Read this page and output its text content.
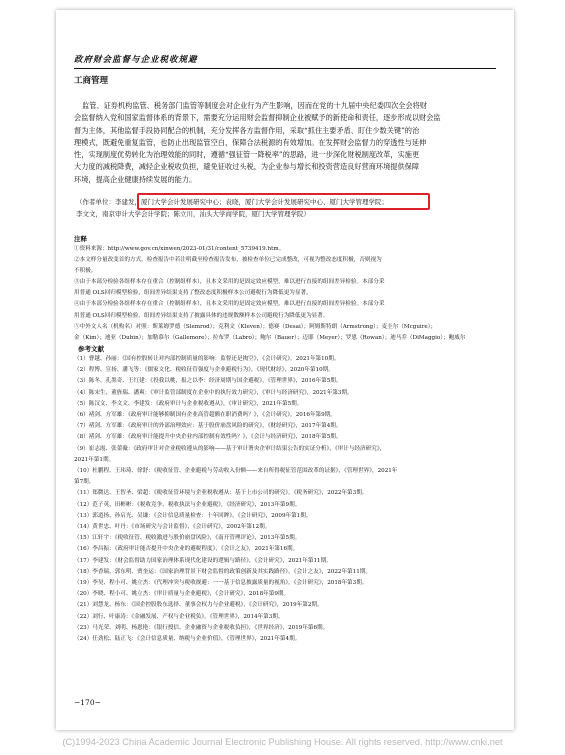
政府财会监督与企业税收规避
工商管理
监管、证券机构监管、税务部门监管等制度会对企业行为产生影响，因而在党的十九届中央纪委四次全会将财
会监督纳入党和国家监督体系的背景下，需要充分运用财会监督抑制企业被赋予的新使命和责任，逐步形成以财会监
督为主体，其他监督手段协同配合的机制，充分发挥各方监督作用，采取“抓住主要矛盾、盯住少数关键”的治
理模式，既避免重复监管，也防止出现监管空白，保障合法税源的有效增加。在发挥财会监督力的穿透性与延伸
性，实现制度优势转化为治理效能的同时，遵循“强征管一降税率”的思路，进一步深化财税制度改革，实施更
大力度的减税降费，减轻企业税收负担，避免征收过头税，为企业参与增长和投资营造良好营商环境提供保障
环境，提高企业健康持续发展的能力。
（作者单位：李建发，厦门大学会计发展研究中心；袁晓，厦门大学会计发展研究中心、厦门大学管理学院；
李文文，南京审计大学会计学院；陈立川，汕头大学商学院，厦门大学管理学院）
注释
①资料来源：http://www.gov.cn/xinwen/2023-01/31/content_5739419.htm。
②本文样分量改变首的方式，检查报告中若注明截至检查报告发布，被检查单位已完成整改，可视为整改态度积极，否则视为
不积极。
③由于本部分检验各组样本存在重合（控制组样本），且本文采用的是固定效应模型，难以进行直接的组间差异检验。本部分采
用普通 OLS回归模型检验，组间差异结果支持了整改态度积极样本公司避税行为降低更为显著。
④由于本部分检验各组样本存在重合（控制组样本），且本文采用的是固定效应模型，难以进行直接的组间差异检验。本部分采
用普通 OLS回归模型检验，组间差异结果支持了披露具体的违规数额样本公司避税行为降低更为显著。
⑤中外文人名（机构名）对照：斯莱姆罗德（Slemrod）；克利文（Kleven）；德赛（Desai）；阿姆斯特朗（Armstrong）；麦圭尔（Mcguire）；
金（Kim）；迪亚（Dubin）；加勒慕尔（Gallemore）；拉布罗（Labro）；鲍尔（Bauer）；迈耶（Meyer）；罗恩（Rowan）；迪马乔（DiMaggio）；鲍威尔
参考文献
（1）曹越、孙丽：《国有控股转让对内部控制质量的影响：监督还是掏空》，《会计研究》，2021年第10期。
（2）程博、宣扬、潘飞等：《儒家文化、税收征管强度与企业避税行为》，《现代财经》，2020年第10期。
（3）陈冬、孔墨奇、王红建：《投我以桃，报之以李：经济周期与国企避税》，《管理世界》，2016年第5期。
（4）陈宋生、董旌瑞、潘爽：《审计监管部制度在企业中的执行效力研究》，《审计与经济研究》，2021年第3期。
（5）陈汉文、李文文、李建发：《政府审计与企业税收遵从》，《审计研究》，2021年第5期。
（6）褚剑、方军雄：《政府审计能够抑制国有企业高管超额在职消费吗？》，《会计研究》，2016年第9期。
（7）褚剑、方军雄：《政府审计的外部治理效应：基于股价崩盘风险的研究》，《财经研究》，2017年第4期。
（8）褚剑、方军雄：《政府审计能提升中央企业内部控制有效性吗？》，《会计与经济研究》，2018年第5期。
（9）崔志霞、张蕾薇：《政府审计对企业税收遵从的影响——基于审计署央企审计结果公告的实证分析》，《审计与经济研究》，
2021年第1期。
（10）杜鹏程、王玮琦、徐舒：《税收征管、企业避税与劳动收入份额——来自所得税征管范围改革的证据》，《管理世界》，2021年
第7期。
（11）郑微达、王智圣、梁超：《税收征管环境与企业税收遵从：基于上市公司的研究》，《税务研究》，2022年第3期。
（12）范子英、田彬彬：《税收竞争、税收执法与企业避税》，《经济研究》，2013年第9期。
（13）郭道扬、孙启光、吴谦：《会计信息质量检查：十年回眸》，《会计研究》，2009年第1期。
（14）黄世忠、叶丹：《市场研究与会计监督》，《会计研究》，2002年第12期。
（15）江轩宇：《税收征管、税收激进与股价崩盘风险》，《南开管理评论》，2013年第5期。
（16）李昌振：《政府审计能否提升中央企业的避税程度》，《会计之友》，2021年第16期。
（17）李建发：《财会监督助力国家治理体系现代化建设的逻辑与路径》，《会计研究》，2021年第11期。
（18）李香瑞、郭东明、贾奎运：《国家治理背景下财会监督的政策创新及其实践路径》，《会计之友》，2022年第11期。
（19）李昊、程小可、姚立杰：《代理冲突与税收规避：一一基于信息披露质量的视角》，《会计研究》，2018年第3期。
（20）李晓、程小可、姚立杰：《审计质量与企业避税》，《会计研究》，2018年第9期。
（21）刘慧龙、杨东：《国企控股股东选择、董事会权力与企业避税》，《会计研究》，2019年第2期。
（22）刘行、叶康涛：《金融发展、产权与企业税负》，《管理世界》，2014年第3期。
（23）马光荣、刘明、杨恩艳：《银行授信、企业融资与企业税收负担》，《世界经济》，2019年第6期。
（24）任劲松、陆正飞：《会计信息质量、纳税与企业价值》，《管理世界》，2021年第4期。
−170−
(C)1994-2023 China Academic Journal Electronic Publishing House. All rights reserved. http://www.cnki.net
